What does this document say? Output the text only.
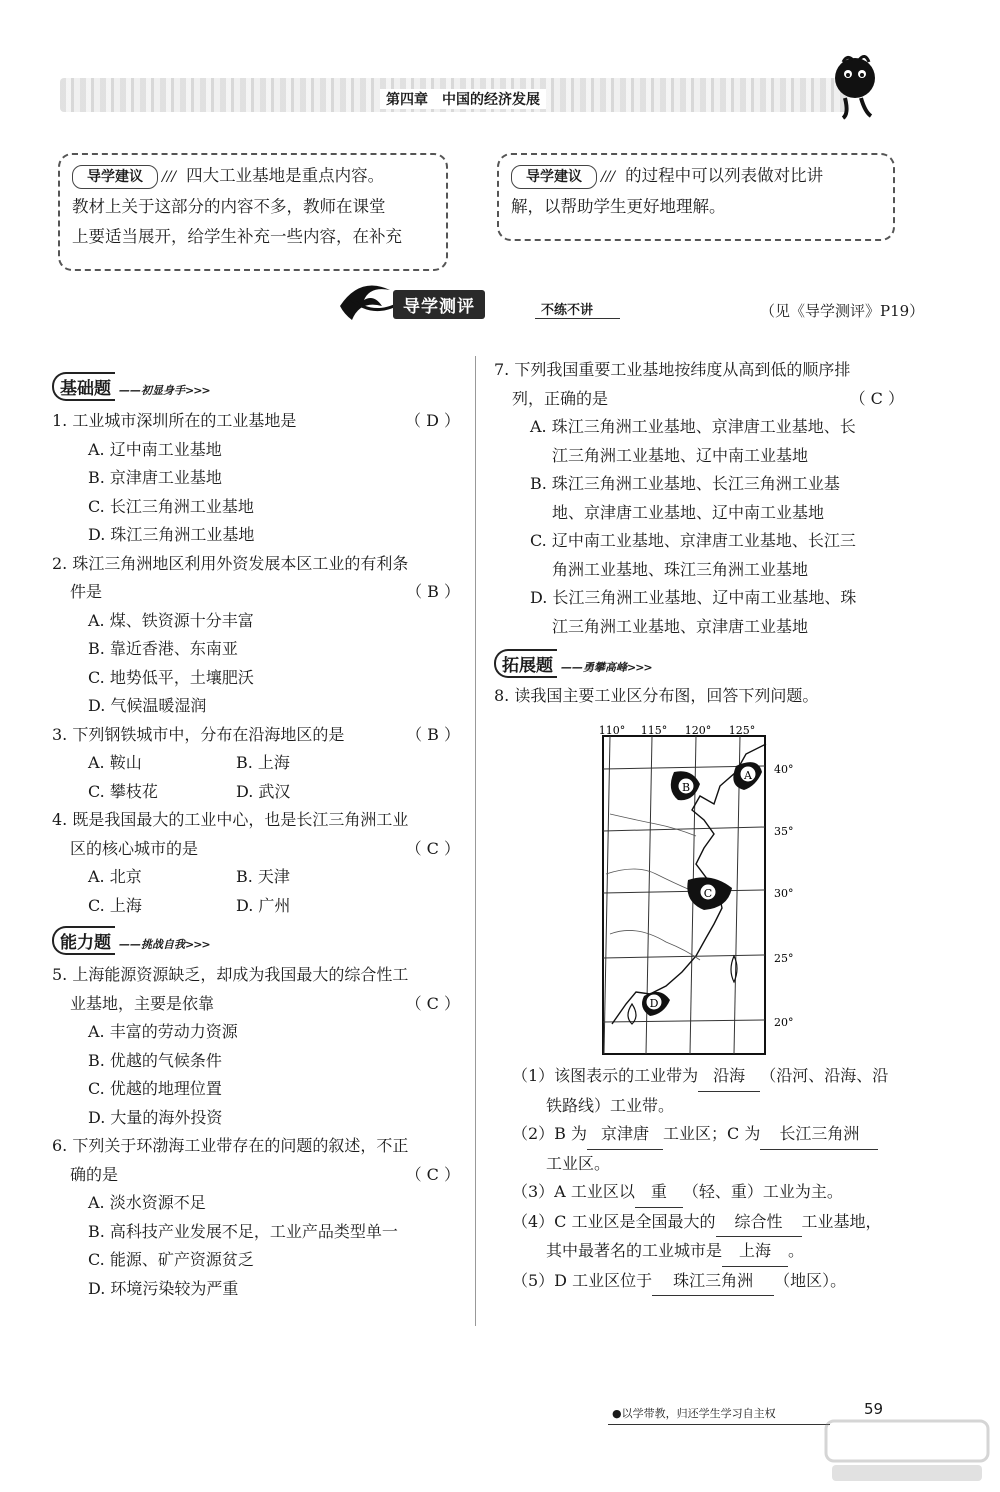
第四章　中国的经济发展
导学建议 /// 四大工业基地是重点内容。
教材上关于这部分的内容不多，教师在课堂
上要适当展开，给学生补充一些内容，在补充
导学建议 /// 的过程中可以列表做对比讲
解，以帮助学生更好地理解。
导学测评	不练不讲	（见《导学测评》P19）
基础题 ——初显身手>>>
1. 工业城市深圳所在的工业基地是	（ D ）
A. 辽中南工业基地
B. 京津唐工业基地
C. 长江三角洲工业基地
D. 珠江三角洲工业基地
2. 珠江三角洲地区利用外资发展本区工业的有利条
件是	（ B ）
A. 煤、铁资源十分丰富
B. 靠近香港、东南亚
C. 地势低平，土壤肥沃
D. 气候温暖湿润
3. 下列钢铁城市中，分布在沿海地区的是	（ B ）
A. 鞍山	B. 上海
C. 攀枝花	D. 武汉
4. 既是我国最大的工业中心，也是长江三角洲工业
区的核心城市的是	（ C ）
A. 北京	B. 天津
C. 上海	D. 广州
能力题 ——挑战自我>>>
5. 上海能源资源缺乏，却成为我国最大的综合性工
业基地，主要是依靠	（ C ）
A. 丰富的劳动力资源
B. 优越的气候条件
C. 优越的地理位置
D. 大量的海外投资
6. 下列关于环渤海工业带存在的问题的叙述，不正
确的是	（ C ）
A. 淡水资源不足
B. 高科技产业发展不足，工业产品类型单一
C. 能源、矿产资源贫乏
D. 环境污染较为严重
7. 下列我国重要工业基地按纬度从高到低的顺序排
列，正确的是	（ C ）
A. 珠江三角洲工业基地、京津唐工业基地、长
江三角洲工业基地、辽中南工业基地
B. 珠江三角洲工业基地、长江三角洲工业基
地、京津唐工业基地、辽中南工业基地
C. 辽中南工业基地、京津唐工业基地、长江三
角洲工业基地、珠江三角洲工业基地
D. 长江三角洲工业基地、辽中南工业基地、珠
江三角洲工业基地、京津唐工业基地
拓展题 ——勇攀高峰>>>
8. 读我国主要工业区分布图，回答下列问题。
A
B
C
D
110° 115° 120° 125°
40°
35°
30°
25°
20°
（1）该图表示的工业带为 沿海 （沿河、沿海、沿
铁路线）工业带。
（2）B 为 京津唐 工业区；C 为 长江三角洲
工业区。
（3）A 工业区以 重 （轻、重）工业为主。
（4）C 工业区是全国最大的 综合性 工业基地，
其中最著名的工业城市是 上海 。
（5）D 工业区位于 珠江三角洲 （地区）。
●以学带教，归还学生学习自主权	59
